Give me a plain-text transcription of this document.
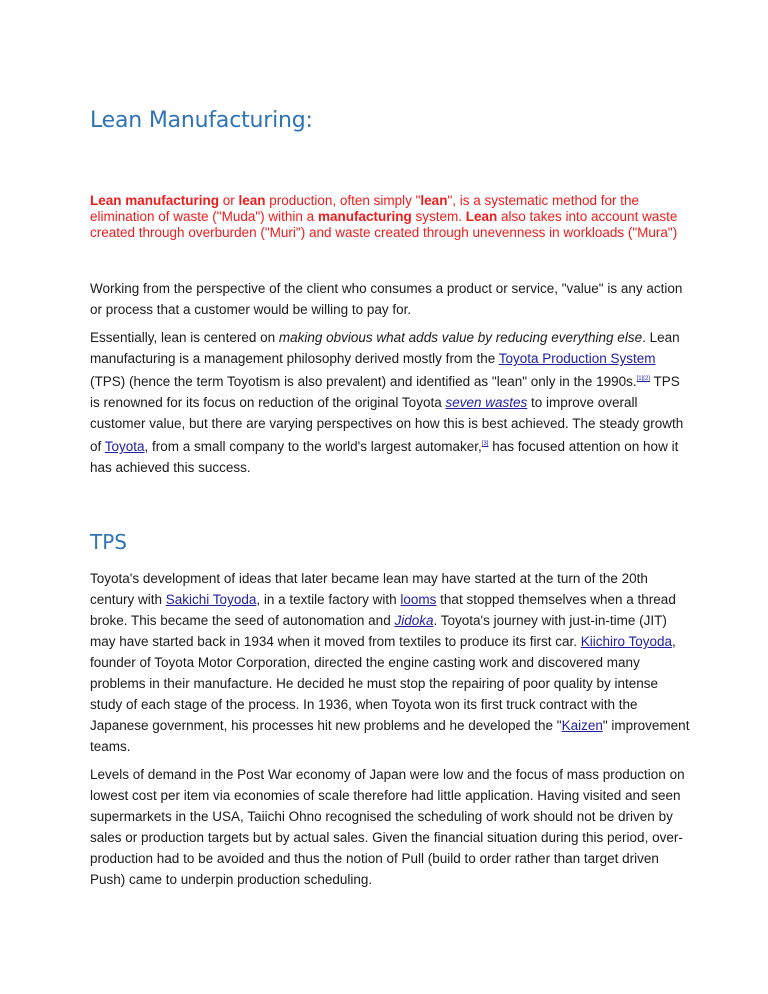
Lean Manufacturing:

Lean manufacturing or lean production, often simply "lean", is a systematic method for the elimination of waste ("Muda") within a manufacturing system. Lean also takes into account waste created through overburden ("Muri") and waste created through unevenness in workloads ("Mura")

Working from the perspective of the client who consumes a product or service, "value" is any action or process that a customer would be willing to pay for.

Essentially, lean is centered on making obvious what adds value by reducing everything else. Lean manufacturing is a management philosophy derived mostly from the Toyota Production System (TPS) (hence the term Toyotism is also prevalent) and identified as "lean" only in the 1990s.[1][2] TPS is renowned for its focus on reduction of the original Toyota seven wastes to improve overall customer value, but there are varying perspectives on how this is best achieved. The steady growth of Toyota, from a small company to the world's largest automaker,[3] has focused attention on how it has achieved this success.

TPS

Toyota's development of ideas that later became lean may have started at the turn of the 20th century with Sakichi Toyoda, in a textile factory with looms that stopped themselves when a thread broke. This became the seed of autonomation and Jidoka. Toyota's journey with just-in-time (JIT) may have started back in 1934 when it moved from textiles to produce its first car. Kiichiro Toyoda, founder of Toyota Motor Corporation, directed the engine casting work and discovered many problems in their manufacture. He decided he must stop the repairing of poor quality by intense study of each stage of the process. In 1936, when Toyota won its first truck contract with the Japanese government, his processes hit new problems and he developed the "Kaizen" improvement teams.

Levels of demand in the Post War economy of Japan were low and the focus of mass production on lowest cost per item via economies of scale therefore had little application. Having visited and seen supermarkets in the USA, Taiichi Ohno recognised the scheduling of work should not be driven by sales or production targets but by actual sales. Given the financial situation during this period, over-production had to be avoided and thus the notion of Pull (build to order rather than target driven Push) came to underpin production scheduling.
